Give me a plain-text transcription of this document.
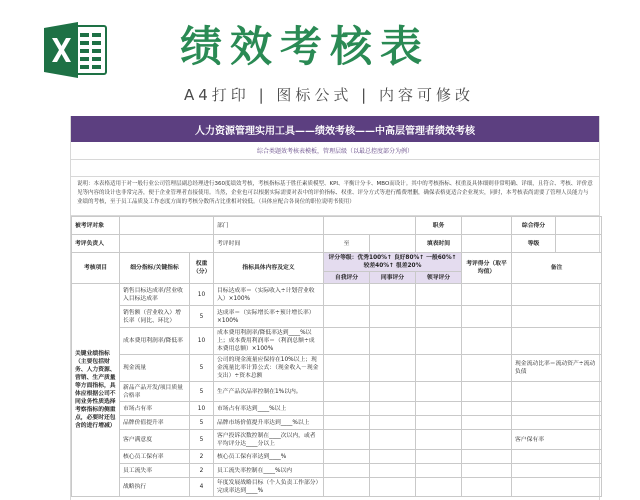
绩效考核表
A4打印 | 图标公式 | 内容可修改
人力资源管理实用工具——绩效考核——中高层管理者绩效考核
综合类题效考核表模板，管理层级（以最总控度部分为例）
说明：本表格适用于对一般行业公司管理层副总经理进行360度绩效考核，考核指标基于胜任素质模型、KPI、平衡计分卡、MBO而设计。其中的考核指标、权重及具体细则非常明确、详细，且符合、考核、评价意见等内容的设计也非常完善，便于企业管理者直接使用。当然，企业也可以根据实际需要对表中的评价指标、权重、评分方式等进行酷费增删，确保表格更适合企业现实，同时，本考核表尚需要了管理人员能力与业绩的考核，至于员工品质及工作态度方面的考核分数所占比重相对较低。（具体应配合各岗位的职位说明书使用）
被考评对象			部门			职务		综合得分	
考评负责人			考评时间	至		填表时间		等级	
考核项目	细分指标/关键指标	权重（分）	指标具体内容及定义	评分等级：优秀100%↑ 良好80%↑ 一般60%↑ 较差40%↑ 很差20%			考评得分（取平均值）	备注	
				自我评分	同事评分	领导评分			

关键业绩指标
（主要包括财务、人力资源、营销、生产质量等方面指标，具体应根据公司不同业务性质选择考察指标的侧重点，必要时还包含的进行增减）	销售目标达成率/营业收入目标达成率	10	目标达成率＝（实际收入÷计划营业收入）×100%						
	销售额（营业收入）增长率（同比、环比）	5	达成率＝（实际增长率÷预计增长率）×100%						
	成本费用利润率/降低率	10	成本费用利润率/降低率达到____%以上；成本费用利润率＝（利润总额÷成本费用总额）×100%						
	现金流量	5	公司的现金流量应保持在10%以上；现金流量比率计算公式：（现金收入－现金支出）÷资本总额					现金流动比率＝流动资产÷流动负债	
	新品产品开发/项目质量合格率	5	生产产品次品率控制在1%以内。						
	市场占有率	10	市场占有率达到____%以上						
	品牌价值提升率	5	品牌市场价值提升率达到____%以上						
	客户满意度	5	客户投诉次数控制在____次以内，或者平均评分达____分以上					客户保有率	
	核心员工保有率	2	核心员工保有率达到____%						
	员工流失率	2	员工流失率控制在____%以内						
	战略执行	4	年度发展战略目标（个人负责工作部分）完成率达到____%						
